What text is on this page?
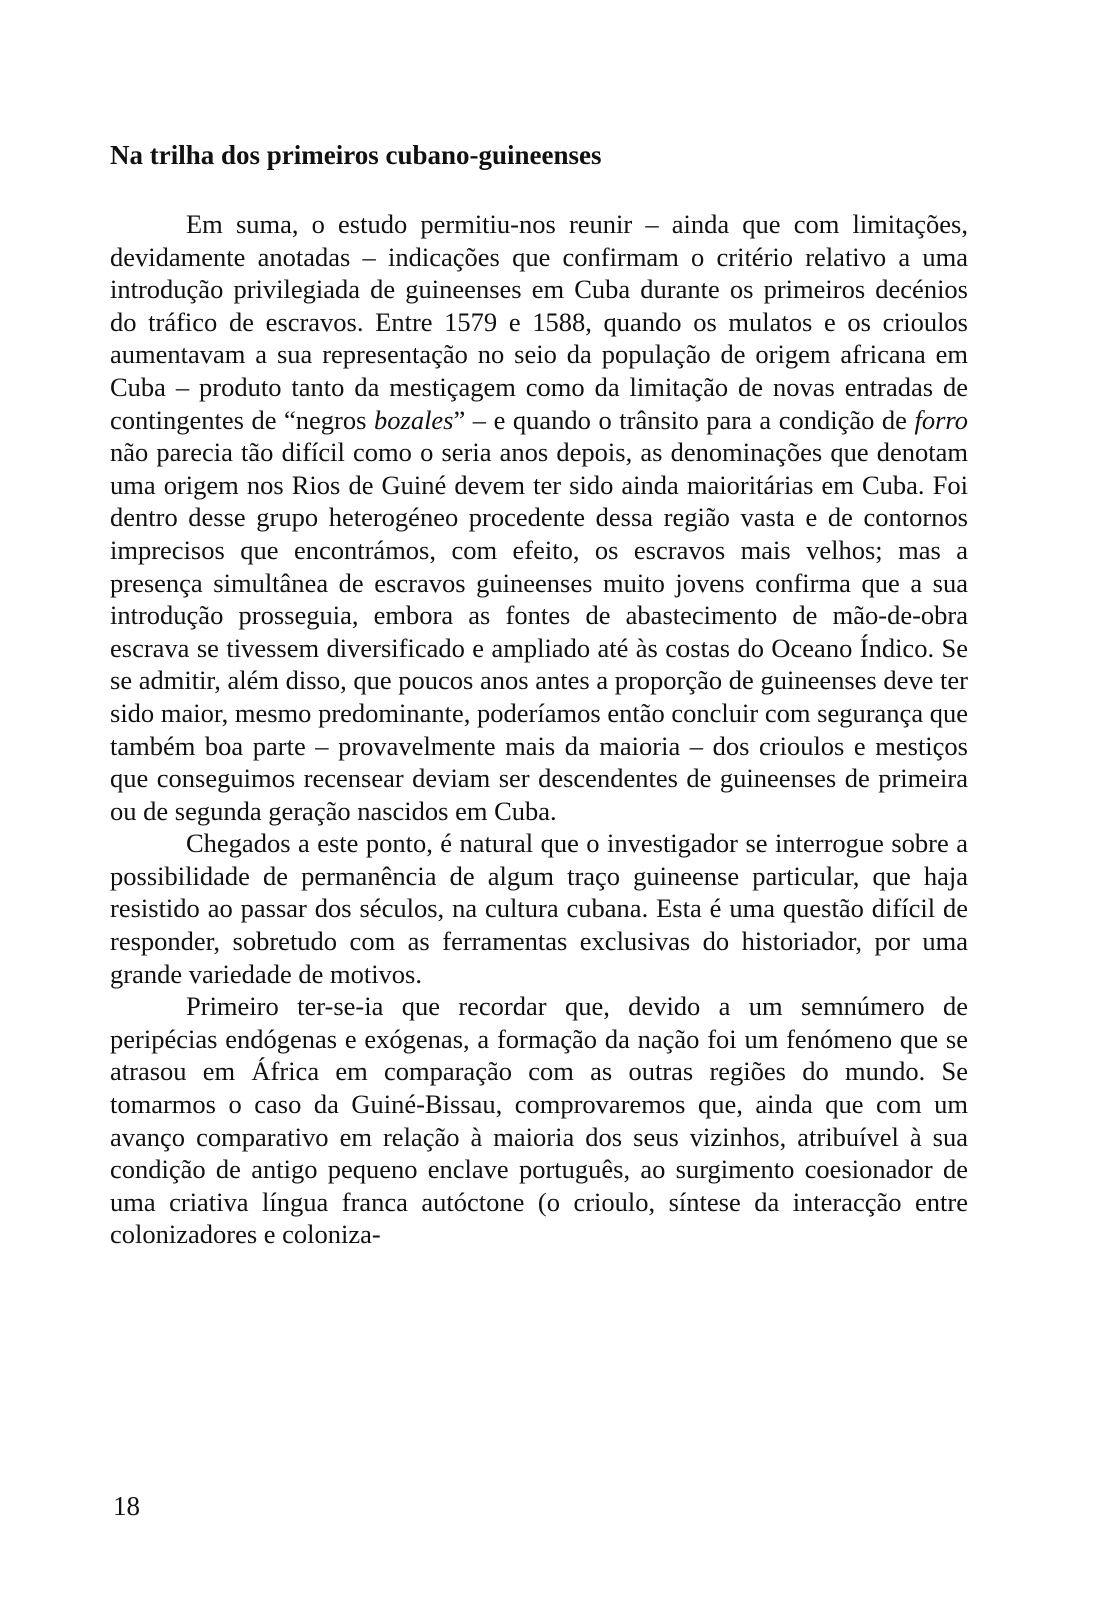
Na trilha dos primeiros cubano-guineenses

Em suma, o estudo permitiu-nos reunir – ainda que com limitações, devidamente anotadas – indicações que confirmam o critério relativo a uma introdução privilegiada de guineenses em Cuba durante os primeiros decénios do tráfico de escravos. Entre 1579 e 1588, quando os mulatos e os crioulos aumentavam a sua representação no seio da população de origem africana em Cuba – produto tanto da mestiçagem como da limitação de novas entradas de contingentes de “negros bozales” – e quando o trânsito para a condição de forro não parecia tão difícil como o seria anos depois, as denominações que denotam uma origem nos Rios de Guiné devem ter sido ainda maioritárias em Cuba. Foi dentro desse grupo heterogéneo procedente dessa região vasta e de contornos imprecisos que encontrámos, com efeito, os escravos mais velhos; mas a presença simultânea de escravos guineenses muito jovens confirma que a sua introdução prosseguia, embora as fontes de abastecimento de mão-de-obra escrava se tivessem diversificado e ampliado até às costas do Oceano Índico. Se se admitir, além disso, que poucos anos antes a proporção de guineenses deve ter sido maior, mesmo predominante, poderíamos então concluir com segurança que também boa parte – provavelmente mais da maioria – dos crioulos e mestiços que conseguimos recensear deviam ser descendentes de guineenses de primeira ou de segunda geração nascidos em Cuba.

Chegados a este ponto, é natural que o investigador se interrogue sobre a possibilidade de permanência de algum traço guineense particular, que haja resistido ao passar dos séculos, na cultura cubana. Esta é uma questão difícil de responder, sobretudo com as ferramentas exclusivas do historiador, por uma grande variedade de motivos.

Primeiro ter-se-ia que recordar que, devido a um semnúmero de peripécias endógenas e exógenas, a formação da nação foi um fenómeno que se atrasou em África em comparação com as outras regiões do mundo. Se tomarmos o caso da Guiné-Bissau, comprovaremos que, ainda que com um avanço comparativo em relação à maioria dos seus vizinhos, atribuível à sua condição de antigo pequeno enclave português, ao surgimento coesionador de uma criativa língua franca autóctone (o crioulo, síntese da interacção entre colonizadores e coloniza-

18
